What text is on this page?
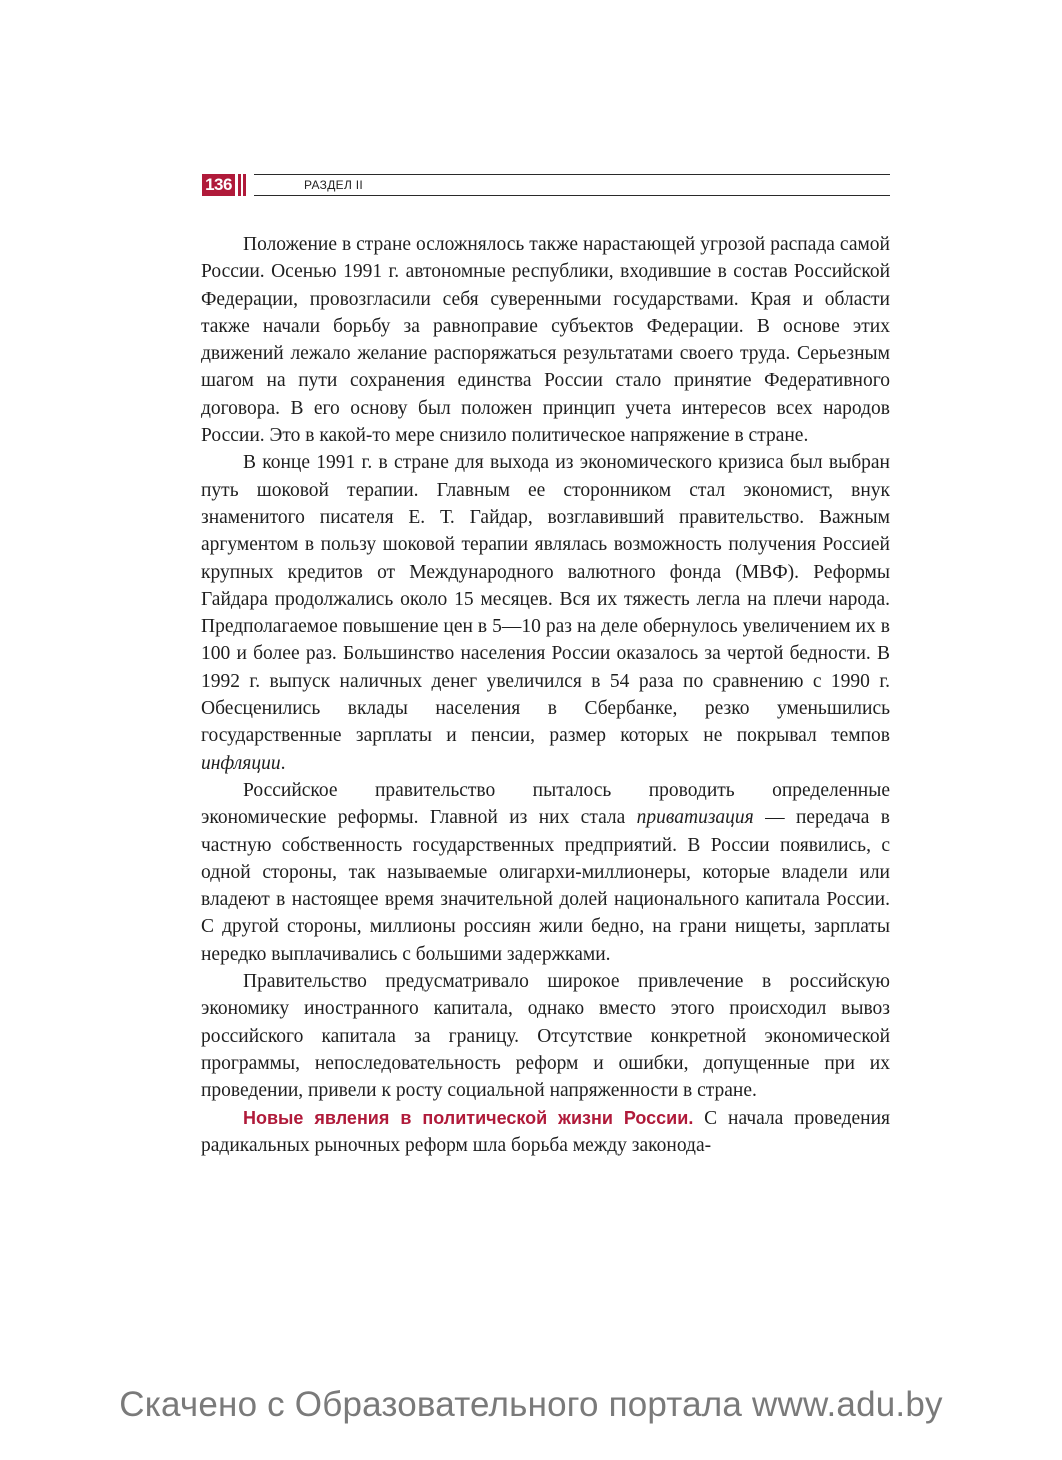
136	РАЗДЕЛ II

Положение в стране осложнялось также нарастающей угрозой распада самой России. Осенью 1991 г. автономные республики, входившие в состав Российской Федерации, провозгласили себя суверенными государствами. Края и области также начали борьбу за равноправие субъектов Федерации. В основе этих движений лежало желание распоряжаться результатами своего труда. Серьезным шагом на пути сохранения единства России стало принятие Федеративного договора. В его основу был положен принцип учета интересов всех народов России. Это в какой-то мере снизило политическое напряжение в стране.

В конце 1991 г. в стране для выхода из экономического кризиса был выбран путь шоковой терапии. Главным ее сторонником стал экономист, внук знаменитого писателя Е. Т. Гайдар, возглавивший правительство. Важным аргументом в пользу шоковой терапии являлась возможность получения Россией крупных кредитов от Международного валютного фонда (МВФ). Реформы Гайдара продолжались около 15 месяцев. Вся их тяжесть легла на плечи народа. Предполагаемое повышение цен в 5—10 раз на деле обернулось увеличением их в 100 и более раз. Большинство населения России оказалось за чертой бедности. В 1992 г. выпуск наличных денег увеличился в 54 раза по сравнению с 1990 г. Обесценились вклады населения в Сбербанке, резко уменьшились государственные зарплаты и пенсии, размер которых не покрывал темпов инфляции.

Российское правительство пыталось проводить определенные экономические реформы. Главной из них стала приватизация — передача в частную собственность государственных предприятий. В России появились, с одной стороны, так называемые олигархи-миллионеры, которые владели или владеют в настоящее время значительной долей национального капитала России. С другой стороны, миллионы россиян жили бедно, на грани нищеты, зарплаты нередко выплачивались с большими задержками.

Правительство предусматривало широкое привлечение в российскую экономику иностранного капитала, однако вместо этого происходил вывоз российского капитала за границу. Отсутствие конкретной экономической программы, непоследовательность реформ и ошибки, допущенные при их проведении, привели к росту социальной напряженности в стране.

Новые явления в политической жизни России. С начала проведения радикальных рыночных реформ шла борьба между законода-

Скачено с Образовательного портала www.adu.by
